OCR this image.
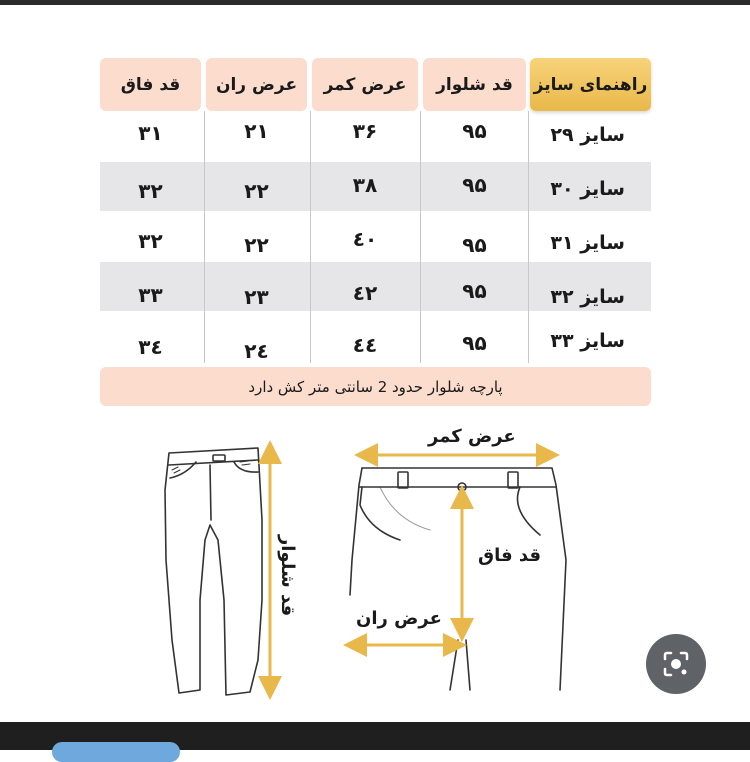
راهنمای سایز
قد شلوار
عرض کمر
عرض ران
قد فاق
سایز ۲۹
۹۵
۳۶
۲۱
۳۱
سایز ۳۰
۹۵
۳۸
۲۲
۳۲
سایز ۳۱
۹۵
٤۰
۲۲
۳۲
سایز ۳۲
۹۵
٤۲
۲۳
۳۳
سایز ۳۳
۹۵
٤٤
۲٤
۳٤
پارچه شلوار حدود 2 سانتی متر کش دارد
عرض کمر
قد فاق
عرض ران
قد شلوار
